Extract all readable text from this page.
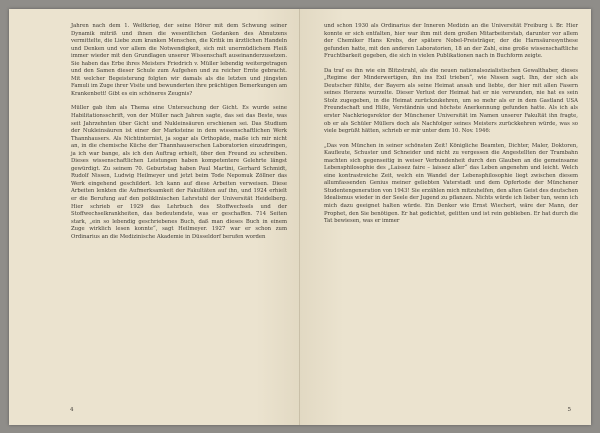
Jahren nach dem 1. Weltkrieg, der seine Hörer mit dem Schwung seiner Dynamik mitriß und ihnen die wesentlichen Gedanken des Abnutzens vermittelte, die Liebe zum kranken Menschen, die Kritik im ärztlichen Handeln und Denken und vor allem die Notwendigkeit, sich mit unermüdlichem Fleiß immer wieder mit den Grundlagen unserer Wissenschaft auseinanderzusetzen. Sie haben das Erbe ihres Meisters Friedrich v. Müller lebendig weitergetragen und den Samen dieser Schule zum Aufgehen und zu reicher Ernte gebracht. Mit welcher Begeisterung folgten wir damals als die letzten und jüngsten Famuli im Zuge ihrer Visite und bewunderten ihre prächtigen Bemerkungen am Krankenbett! Gibt es ein schöneres Zeugnis?

Müller gab ihm als Thema eine Untersuchung der Gicht. Es wurde seine Habilitationsschrift, von der Müller nach Jahren sagte, das sei das Beste, was seit Jahrzehnten über Gicht und Nukleinsäuren erschienen sei. Das Studium der Nukleinsäuren ist einer der Marksteine in dem wissenschaftlichen Werk Thannhausers. Als Nichtinternist, ja sogar als Orthopäde, maße ich mir nicht an, in die chemische Küche der Thannhauserschen Laboratorien einzudringen, ja ich war bange, als ich den Auftrag erhielt, über den Freund zu schreiben. Dieses wissenschaftlichen Leistungen haben kompetentere Gelehrte längst gewürdigt. Zu seinem 70. Geburtstag haben Paul Martini, Gerhard Schmidt, Rudolf Nissen, Ludwig Heilmeyer und jetzt beim Tode Nepomuk Zöllner das Werk eingehend geschildert. Ich kann auf diese Arbeiten verweisen. Diese Arbeiten lenkten die Aufmerksamkeit der Fakultäten auf ihn, und 1924 erhielt er die Berufung auf den poliklinischen Lehrstuhl der Universität Heidelberg. Hier schrieb er 1929 das Lehrbuch des Stoffwechsels und der Stoffwechselkrankheiten, das bedeutendste, was er geschaffen. 714 Seiten stark, „ein so lebendig geschriebenes Buch, daß man dieses Buch in einem Zuge wirklich lesen konnte“, sagt Heilmeyer. 1927 war er schon zum Ordinarius an die Medizinische Akademie in Düsseldorf berufen worden

4

und schon 1930 als Ordinarius der Inneren Medizin an die Universität Freiburg i. Br. Hier konnte er sich entfalten, hier war ihm mit dem großen Mitarbeiterstab, darunter vor allem der Chemiker Hans Krebs, der spätere Nobel-Preisträger, der die Harnsäuresynthese gefunden hatte, mit den anderen Laboratorien, 18 an der Zahl, eine große wissenschaftliche Fruchtbarkeit gegeben, die sich in vielen Publikationen nach in Buchform zeigte.

Da traf es ihn wie ein Blitzstrahl, als die neuen nationalsozialistischen Gewalthaber, dieses „Regime der Minderwertigen, ihn ins Exil trieben“, wie Nissen sagt. Ihn, der sich als Deutscher fühlte, der Bayern als seine Heimat ansah und liebte, der hier mit allen Fasern seines Herzens wurzelte. Dieser Verlust der Heimat hat er nie verwunden, nie hat es sein Stolz zugegeben, in die Heimat zurückzukehren, um so mehr als er in dem Gastland USA Freundschaft und Hilfe, Verständnis und höchste Anerkennung gefunden hatte. Als ich als erster Nachkriegsrektor der Münchener Universität im Namen unserer Fakultät ihn fragte, ob er als Schüler Müllers doch als Nachfolger seines Meisters zurückkehren würde, was so viele begrüßt hätten, schrieb er mir unter dem 10. Nov. 1946:

„Das von München in seiner schönsten Zeit! Königliche Beamten, Dichter, Maler, Doktoren, Kaufleute, Schuster und Schneider und nicht zu vergessen die Angestellten der Trambahn machten sich gegenseitig in weiser Verbundenheit durch den Glauben an die gemeinsame Lebensphilosophie des „Laissez faire – laissez aller“ das Leben angenehm und leicht. Welch eine kontrastreiche Zeit, welch ein Wandel der Lebensphilosophie liegt zwischen diesem allumfassenden Genius meiner geliebten Vaterstadt und dem Opfertode der Münchener Studentengeneration von 1943! Sie erzählen mich mitzuhelfen, den alten Geist des deutschen Idealismus wieder in der Seele der Jugend zu pflanzen. Nichts würde ich lieber tun, wenn ich mich dazu geeignet halten würde. Ein Denker wie Ernst Wiechert, wäre der Mann, der Prophet, den Sie benötigen. Er hat gedichtet, gelitten und ist rein geblieben. Er hat durch die Tat bewiesen, was er immer

5
